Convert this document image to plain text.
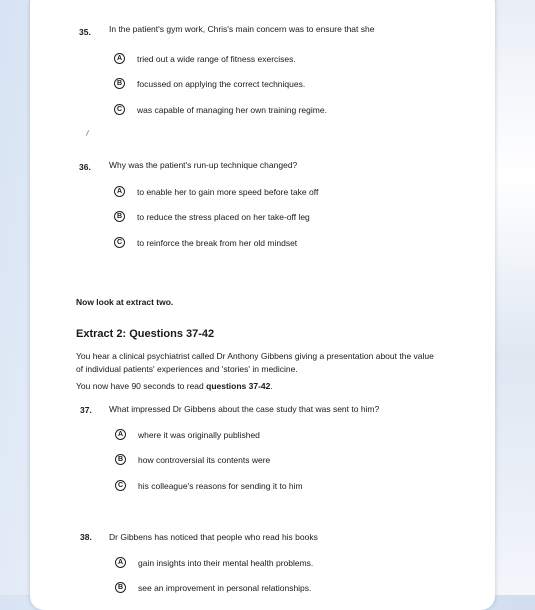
35. In the patient's gym work, Chris's main concern was to ensure that she
A	tried out a wide range of fitness exercises.
B	focussed on applying the correct techniques.
C	was capable of managing her own training regime.
36. Why was the patient's run-up technique changed?
A	to enable her to gain more speed before take off
B	to reduce the stress placed on her take-off leg
C	to reinforce the break from her old mindset
Now look at extract two.
Extract 2: Questions 37-42
You hear a clinical psychiatrist called Dr Anthony Gibbens giving a presentation about the value
of individual patients' experiences and 'stories' in medicine.
You now have 90 seconds to read questions 37-42.
37. What impressed Dr Gibbens about the case study that was sent to him?
A	where it was originally published
B	how controversial its contents were
C	his colleague's reasons for sending it to him
38. Dr Gibbens has noticed that people who read his books
A	gain insights into their mental health problems.
B	see an improvement in personal relationships.
